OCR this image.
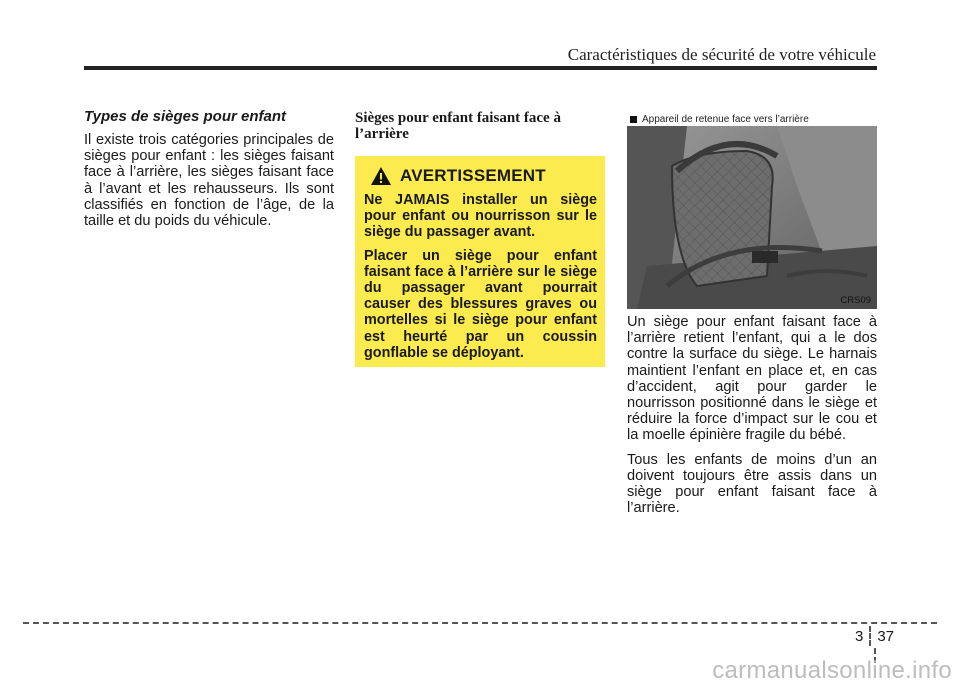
Caractéristiques de sécurité de votre véhicule

Types de sièges pour enfant

Il existe trois catégories principales de sièges pour enfant : les sièges faisant face à l’arrière, les sièges faisant face à l’avant et les rehausseurs. Ils sont classifiés en fonction de l’âge, de la taille et du poids du véhicule.

Sièges pour enfant faisant face à l’arrière

AVERTISSEMENT

Ne JAMAIS installer un siège pour enfant ou nourrisson sur le siège du passager avant.

Placer un siège pour enfant faisant face à l’arrière sur le siège du passager avant pourrait causer des blessures graves ou mortelles si le siège pour enfant est heurté par un coussin gonflable se déployant.

Appareil de retenue face vers l’arrière
CRS09

Un siège pour enfant faisant face à l’arrière retient l’enfant, qui a le dos contre la surface du siège. Le harnais maintient l’enfant en place et, en cas d’accident, agit pour garder le nourrisson positionné dans le siège et réduire la force d’impact sur le cou et la moelle épinière fragile du bébé.

Tous les enfants de moins d’un an doivent toujours être assis dans un siège pour enfant faisant face à l’arrière.

3 37
carmanualsonline.info
